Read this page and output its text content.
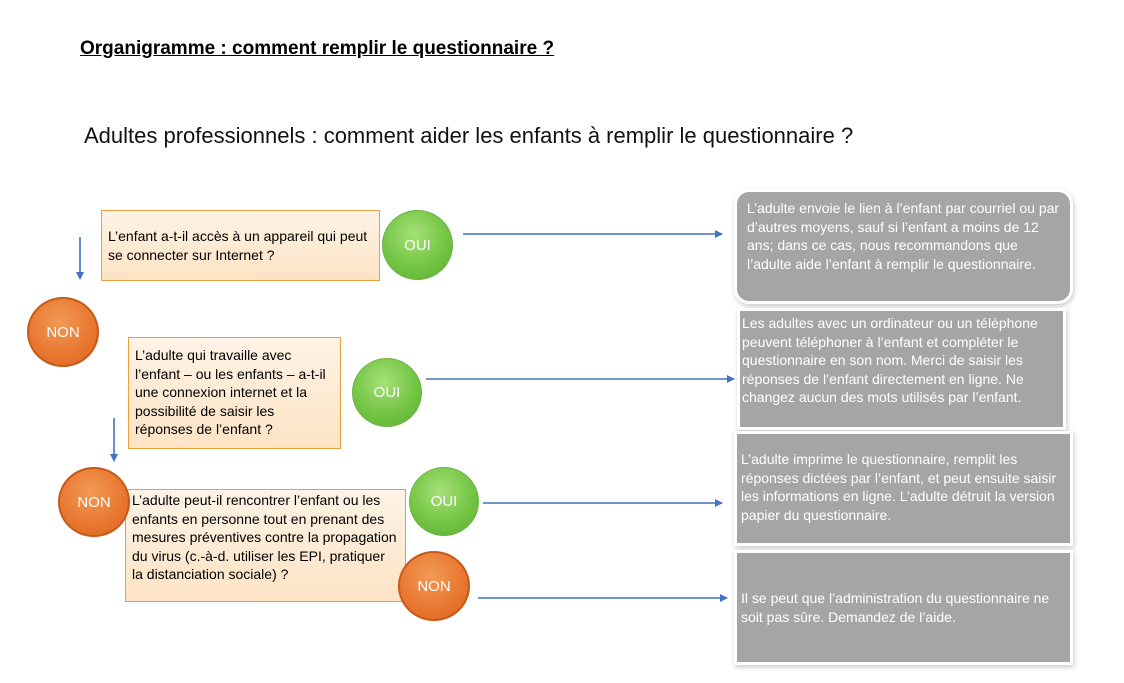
Organigramme : comment remplir le questionnaire ?
Adultes professionnels : comment aider les enfants à remplir le questionnaire ?
L’enfant a-t-il accès à un appareil qui peut se connecter sur Internet ?
L’adulte qui travaille avec l’enfant – ou les enfants – a-t-il une connexion internet et la possibilité de saisir les réponses de l’enfant ?
L’adulte peut-il rencontrer l’enfant ou les enfants en personne tout en prenant des mesures préventives contre la propagation du virus (c.-à-d. utiliser les EPI, pratiquer la distanciation sociale) ?
OUI
OUI
OUI
NON
NON
NON
L’adulte envoie le lien à l’enfant par courriel ou par d’autres moyens, sauf si l’enfant a moins de 12 ans; dans ce cas, nous recommandons que l’adulte aide l’enfant à remplir le questionnaire.
Les adultes avec un ordinateur ou un téléphone peuvent téléphoner à l’enfant et compléter le questionnaire en son nom. Merci de saisir les réponses de l’enfant directement en ligne. Ne changez aucun des mots utilisés par l’enfant.
L’adulte imprime le questionnaire, remplit les réponses dictées par l’enfant, et peut ensuite saisir les informations en ligne. L’adulte détruit la version papier du questionnaire.
Il se peut que l’administration du questionnaire ne soit pas sûre. Demandez de l’aide.
